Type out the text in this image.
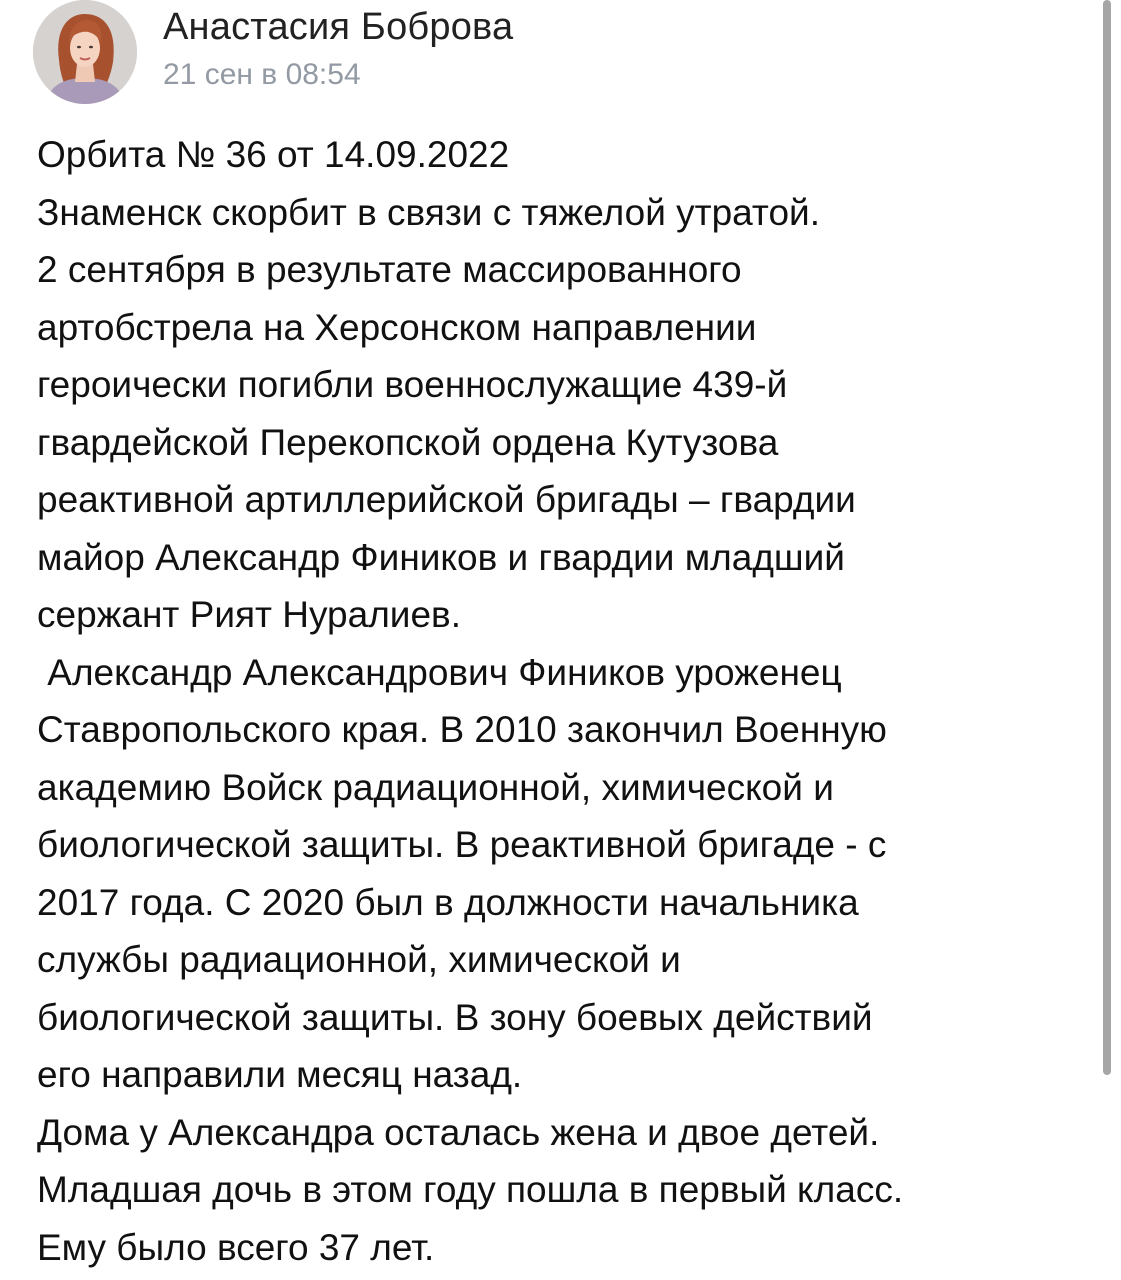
Анастасия Боброва
21 сен в 08:54
Орбита № 36 от 14.09.2022
Знаменск скорбит в связи с тяжелой утратой.
2 сентября в результате массированного
артобстрела на Херсонском направлении
героически погибли военнослужащие 439-й
гвардейской Перекопской ордена Кутузова
реактивной артиллерийской бригады – гвардии
майор Александр Фиников и гвардии младший
сержант Рият Нуралиев.
Александр Александрович Фиников уроженец
Ставропольского края. В 2010 закончил Военную
академию Войск радиационной, химической и
биологической защиты. В реактивной бригаде - с
2017 года. С 2020 был в должности начальника
службы радиационной, химической и
биологической защиты. В зону боевых действий
его направили месяц назад.
Дома у Александра осталась жена и двое детей.
Младшая дочь в этом году пошла в первый класс.
Ему было всего 37 лет.
